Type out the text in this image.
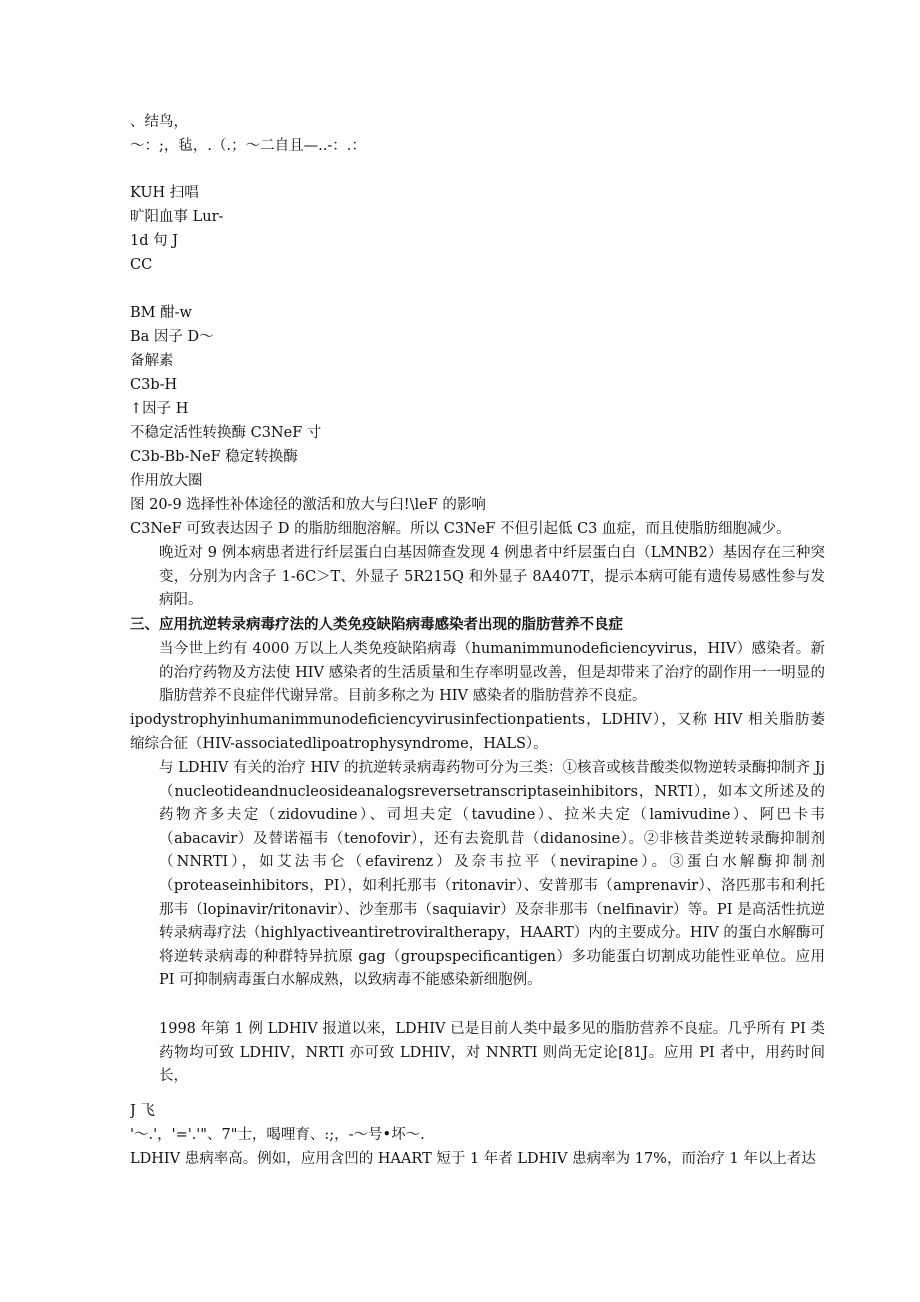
、结鸟，
～：;，毡，.（.；～二自且—..-：.：
KUH 扫唱
旷阳血事 Lur-
1d 句 J
CC
BM 酣-w
Ba 因子 D～
备解素
C3b-H
↑因子 H
不稳定活性转换酶 C3NeF 寸
C3b-Bb-NeF 稳定转换酶
作用放大圈
图 20-9 选择性补体途径的激活和放大与臼!\leF 的影响
C3NeF 可致表达因子 D 的脂肪细胞溶解。所以 C3NeF 不但引起低 C3 血症，而且使脂肪细胞减少。
晚近对 9 例本病患者进行纤层蛋白白基因筛查发现 4 例患者中纤层蛋白白（LMNB2）基因存在三种突变，分别为内含子 1-6C＞T、外显子 5R215Q 和外显子 8A407T，提示本病可能有遗传易感性参与发病阳。
三、应用抗逆转录病毒疗法的人类免疫缺陷病毒感染者出现的脂肪营养不良症
当今世上约有 4000 万以上人类免疫缺陷病毒（humanimmunodeficiencyvirus，HIV）感染者。新的治疗药物及方法使 HIV 感染者的生活质量和生存率明显改善，但是却带来了治疗的副作用一一明显的脂肪营养不良症伴代谢异常。目前多称之为 HIV 感染者的脂肪营养不良症。
ipodystrophyinhumanimmunodeficiencyvirusinfectionpatients，LDHIV），又称 HIV 相关脂肪萎缩综合征（HIV-associatedlipoatrophysyndrome，HALS）。
与 LDHIV 有关的治疗 HIV 的抗逆转录病毒药物可分为三类：①核音或核昔酸类似物逆转录酶抑制齐 Jj（nucleotideandnucleosideanalogsreversetranscriptaseinhibitors，NRTI），如本文所述及的药物齐多夫定（zidovudine）、司坦夫定（tavudine）、拉米夫定（lamivudine）、阿巴卡韦（abacavir）及替诺福韦（tenofovir），还有去瓷肌昔（didanosine）。②非核昔类逆转录酶抑制剂（NNRTI），如艾法韦仑（efavirenz）及奈韦拉平（nevirapine）。③蛋白水解酶抑制剂（proteaseinhibitors，PI），如利托那韦（ritonavir）、安普那韦（amprenavir）、洛匹那韦和利托那韦（lopinavir/ritonavir）、沙奎那韦（saquiavir）及奈非那韦（nelfinavir）等。PI 是高活性抗逆转录病毒疗法（highlyactiveantiretroviraltherapy，HAART）内的主要成分。HIV 的蛋白水解酶可将逆转录病毒的种群特异抗原 gag（groupspecificantigen）多功能蛋白切割成功能性亚单位。应用 PI 可抑制病毒蛋白水解成熟，以致病毒不能感染新细胞例。
1998 年第 1 例 LDHIV 报道以来，LDHIV 已是目前人类中最多见的脂肪营养不良症。几乎所有 PI 类药物均可致 LDHIV，NRTI 亦可致 LDHIV，对 NNRTI 则尚无定论[81J。应用 PI 者中，用药时间长，
J 飞
'～.'，'='.'"、7"士，喝哩育、:;，-～号•坏～.
LDHIV 患病率高。例如，应用含凹的 HAART 短于 1 年者 LDHIV 患病率为 17%，而治疗 1 年以上者达
